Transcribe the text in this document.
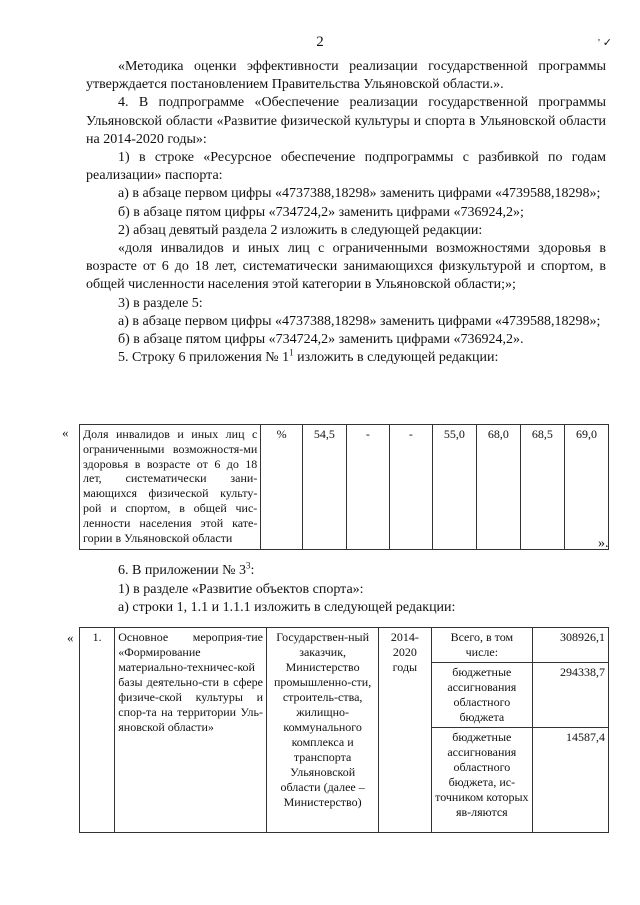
2	' ✓

«Методика оценки эффективности реализации государственной программы утверждается постановлением Правительства Ульяновской области.».

4. В подпрограмме «Обеспечение реализации государственной программы Ульяновской области «Развитие физической культуры и спорта в Ульяновской области на 2014-2020 годы»:

1) в строке «Ресурсное обеспечение подпрограммы с разбивкой по годам реализации» паспорта:

а) в абзаце первом цифры «4737388,18298» заменить цифрами «4739588,18298»;

б) в абзаце пятом цифры «734724,2» заменить цифрами «736924,2»;

2) абзац девятый раздела 2 изложить в следующей редакции:

«доля инвалидов и иных лиц с ограниченными возможностями здоровья в возрасте от 6 до 18 лет, систематически занимающихся физкультурой и спортом, в общей численности населения этой категории в Ульяновской области;»;

3) в разделе 5:

а) в абзаце первом цифры «4737388,18298» заменить цифрами «4739588,18298»;

б) в абзаце пятом цифры «734724,2» заменить цифрами «736924,2».

5. Строку 6 приложения № $1^1$ изложить в следующей редакции:

« Доля инвалидов и иных лиц с ограниченными возможностя-ми здоровья в возрасте от 6 до 18 лет, систематически зани-мающихся физической культу-рой и спортом, в общей чис-ленности населения этой кате-гории в Ульяновской области	%	54,5	-	-	55,0	68,0	68,5	69,0
».

6. В приложении № $3^3$:

1) в разделе «Развитие объектов спорта»:

а) строки 1, 1.1 и 1.1.1 изложить в следующей редакции:

« 1.	Основное мероприя-тие «Формирование материально-техничес-кой базы деятельно-сти в сфере физиче-ской культуры и спор-та на территории Уль-яновской области»	Государствен-ный заказчик, Министерство промышленно-сти, строитель-ства, жилищно-коммунального комплекса и транспорта Ульяновской области (далее – Министерство)	2014-2020 годы	Всего, в том числе:	308926,1
				бюджетные ассигнования областного бюджета	294338,7
				бюджетные ассигнования областного бюджета, ис-точником которых яв-ляются	14587,4
